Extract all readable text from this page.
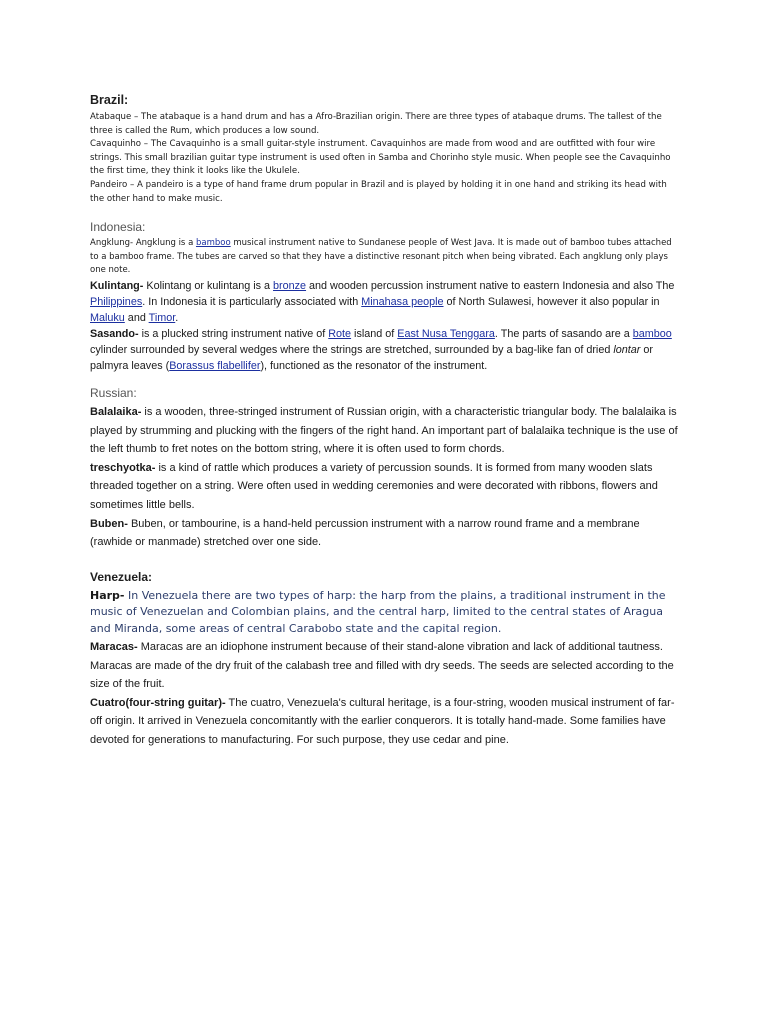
Brazil:

Atabaque – The atabaque is a hand drum and has a Afro-Brazilian origin. There are three types of atabaque drums. The tallest of the three is called the Rum, which produces a low sound.

Cavaquinho – The Cavaquinho is a small guitar-style instrument. Cavaquinhos are made from wood and are outfitted with four wire strings. This small brazilian guitar type instrument is used often in Samba and Chorinho style music. When people see the Cavaquinho the first time, they think it looks like the Ukulele.

Pandeiro – A pandeiro is a type of hand frame drum popular in Brazil and is played by holding it in one hand and striking its head with the other hand to make music.

Indonesia:

Angklung- Angklung is a bamboo musical instrument native to Sundanese people of West Java. It is made out of bamboo tubes attached to a bamboo frame. The tubes are carved so that they have a distinctive resonant pitch when being vibrated. Each angklung only plays one note.

Kulintang- Kolintang or kulintang is a bronze and wooden percussion instrument native to eastern Indonesia and also The Philippines. In Indonesia it is particularly associated with Minahasa people of North Sulawesi, however it also popular in Maluku and Timor.

Sasando- is a plucked string instrument native of Rote island of East Nusa Tenggara. The parts of sasando are a bamboo cylinder surrounded by several wedges where the strings are stretched, surrounded by a bag-like fan of dried lontar or palmyra leaves (Borassus flabellifer), functioned as the resonator of the instrument.

Russian:

Balalaika- is a wooden, three-stringed instrument of Russian origin, with a characteristic triangular body. The balalaika is played by strumming and plucking with the fingers of the right hand. An important part of balalaika technique is the use of the left thumb to fret notes on the bottom string, where it is often used to form chords.

treschyotka- is a kind of rattle which produces a variety of percussion sounds. It is formed from many wooden slats threaded together on a string. Were often used in wedding ceremonies and were decorated with ribbons, flowers and sometimes little bells.

Buben- Buben, or tambourine, is a hand-held percussion instrument with a narrow round frame and a membrane (rawhide or manmade) stretched over one side.

Venezuela:

Harp- In Venezuela there are two types of harp: the harp from the plains, a traditional instrument in the music of Venezuelan and Colombian plains, and the central harp, limited to the central states of Aragua and Miranda, some areas of central Carabobo state and the capital region.

Maracas- Maracas are an idiophone instrument because of their stand-alone vibration and lack of additional tautness. Maracas are made of the dry fruit of the calabash tree and filled with dry seeds. The seeds are selected according to the size of the fruit.

Cuatro(four-string guitar)- The cuatro, Venezuela's cultural heritage, is a four-string, wooden musical instrument of far-off origin. It arrived in Venezuela concomitantly with the earlier conquerors. It is totally hand-made. Some families have devoted for generations to manufacturing. For such purpose, they use cedar and pine.
